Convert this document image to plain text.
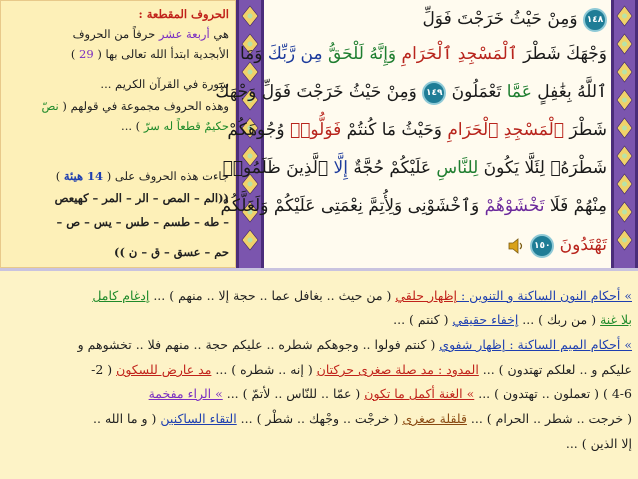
الحروف المقطعة :
هي أربعة عشر حرفاً من الحروف
الأبجدية ابتدأ الله تعالى بها ( 29 )
سورة في القرآن الكريم ...
وهذه الحروف مجموعة في قولهم ( نصّ
حكيمٌ قطعاً له سرّ ) ...
جاءت هذه الحروف على ( 14 هيئة )
((الم – المص – الر – المر – كهيعص
– طه – طسم – طس – يس – ص –
حم – عسق – ق – ن ))
١٤٨ وَمِنْ حَيْثُ خَرَجْتَ فَوَلِّ
وَجْهَكَ شَطْرَ ٱلْمَسْجِدِ ٱلْحَرَامِ وَإِنَّهُ لَلْحَقُّ مِن رَّبِّكَ وَمَا
ٱللَّهُ بِغَٰفِلٍ عَمَّا تَعْمَلُونَ ١٤٩ وَمِنْ حَيْثُ خَرَجْتَ فَوَلِّ وَجْهَكَ
شَطْرَ ٱلْمَسْجِدِ ٱلْحَرَامِ وَحَيْثُ مَا كُنتُمْ فَوَلُّوا۟ وُجُوهَكُمْ
شَطْرَهُۥ لِئَلَّا يَكُونَ لِلنَّاسِ عَلَيْكُمْ حُجَّةٌ إِلَّا ٱلَّذِينَ ظَلَمُوا۟
مِنْهُمْ فَلَا تَخْشَوْهُمْ وَٱخْشَوْنِى وَلِأُتِمَّ نِعْمَتِى عَلَيْكُمْ وَلَعَلَّكُمْ
تَهْتَدُونَ ١٥٠
» أحكام النون الساكنة و التنوين : إظهار حلقي ( من حيث .. بغافل عما .. حجة إلا .. منهم ) ... إدغام كامل
بلا غنة ( من ربك ) ... إخفاء حقيقي ( كنتم ) ...
» أحكام الميم الساكنة : إظهار شفوي ( كنتم فولوا .. وجوهكم شطره .. عليكم حجة .. منهم فلا .. تخشوهم و
عليكم و .. لعلكم تهتدون ) ... المدود : مد صلة صغرى حركتان ( إنه .. شطره ) ... مد عارض للسكون ( 2-
4-6 ) ( تعملون .. تهتدون ) ... » الغنة أكمل ما تكون ( عمّا .. للنّاس .. لأتمّ ) ... » الراء مفخمة
( خرجت .. شطر .. الحرام ) ... قلقلة صغرى ( خرجْت .. وجْهك .. شطْر ) ... التقاء الساكنين ( و ما الله ..
إلا الذين ) ...
